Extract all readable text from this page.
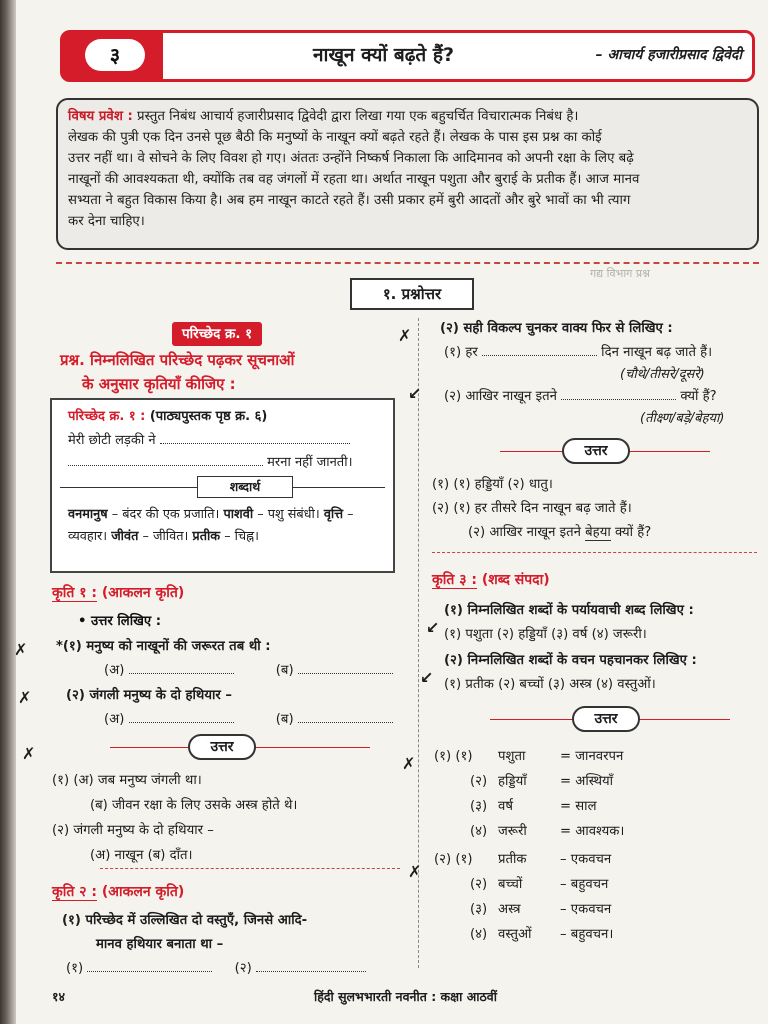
३	नाखून क्यों बढ़ते हैं?	– आचार्य हजारीप्रसाद द्विवेदी
विषय प्रवेश : प्रस्तुत निबंध आचार्य हजारीप्रसाद द्विवेदी द्वारा लिखा गया एक बहुचर्चित विचारात्मक निबंध है।
लेखक की पुत्री एक दिन उनसे पूछ बैठी कि मनुष्यों के नाखून क्यों बढ़ते रहते हैं। लेखक के पास इस प्रश्न का कोई
उत्तर नहीं था। वे सोचने के लिए विवश हो गए। अंततः उन्होंने निष्कर्ष निकाला कि आदिमानव को अपनी रक्षा के लिए बढ़े
नाखूनों की आवश्यकता थी, क्योंकि तब वह जंगलों में रहता था। अर्थात नाखून पशुता और बुराई के प्रतीक हैं। आज मानव
सभ्यता ने बहुत विकास किया है। अब हम नाखून काटते रहते हैं। उसी प्रकार हमें बुरी आदतों और बुरे भावों का भी त्याग
कर देना चाहिए।
गद्य विभाग प्रश्न
१. प्रश्नोत्तर
परिच्छेद क्र. १
प्रश्न. निम्नलिखित परिच्छेद पढ़कर सूचनाओं
के अनुसार कृतियाँ कीजिए :
परिच्छेद क्र. १ : (पाठ्यपुस्तक पृष्ठ क्र. ६)
मेरी छोटी लड़की ने
मरना नहीं जानती।
शब्दार्थ
वनमानुष – बंदर की एक प्रजाति। पाशवी – पशु संबंधी। वृत्ति – व्यवहार। जीवंत – जीवित। प्रतीक – चिह्न।
कृति १ : (आकलन कृति)
• उत्तर लिखिए :
*(१) मनुष्य को नाखूनों की जरूरत तब थी :
(अ)	(ब)
(२) जंगली मनुष्य के दो हथियार –
(अ)	(ब)
उत्तर
(१) (अ) जब मनुष्य जंगली था।
(ब) जीवन रक्षा के लिए उसके अस्त्र होते थे।
(२) जंगली मनुष्य के दो हथियार –
(अ) नाखून (ब) दाँत।
कृति २ : (आकलन कृति)
(१) परिच्छेद में उल्लिखित दो वस्तुएँ, जिनसे आदि-
मानव हथियार बनाता था –
(१)	(२)
(२) सही विकल्प चुनकर वाक्य फिर से लिखिए :
(१) हर	दिन नाखून बढ़ जाते हैं।
(चौथे/तीसरे/दूसरे)
(२) आखिर नाखून इतने	क्यों हैं?
(तीक्ष्ण/बड़े/बेहया)
उत्तर
(१) (१) हड्डियाँ (२) धातु।
(२) (१) हर तीसरे दिन नाखून बढ़ जाते हैं।
(२) आखिर नाखून इतने बेहया क्यों हैं?
कृति ३ : (शब्द संपदा)
(१) निम्नलिखित शब्दों के पर्यायवाची शब्द लिखिए :
(१) पशुता (२) हड्डियाँ (३) वर्ष (४) जरूरी।
(२) निम्नलिखित शब्दों के वचन पहचानकर लिखिए :
(१) प्रतीक (२) बच्चों (३) अस्त्र (४) वस्तुओं।
उत्तर
(१) (१) पशुता	= जानवरपन
(२) हड्डियाँ	= अस्थियाँ
(३) वर्ष	= साल
(४) जरूरी	= आवश्यक।
(२) (१) प्रतीक	– एकवचन
(२) बच्चों	– बहुवचन
(३) अस्त्र	– एकवचन
(४) वस्तुओं – बहुवचन।
✗
↙
✗
✗
✗
↙
↙
✗
✗
१४	हिंदी सुलभभारती नवनीत : कक्षा आठवीं
